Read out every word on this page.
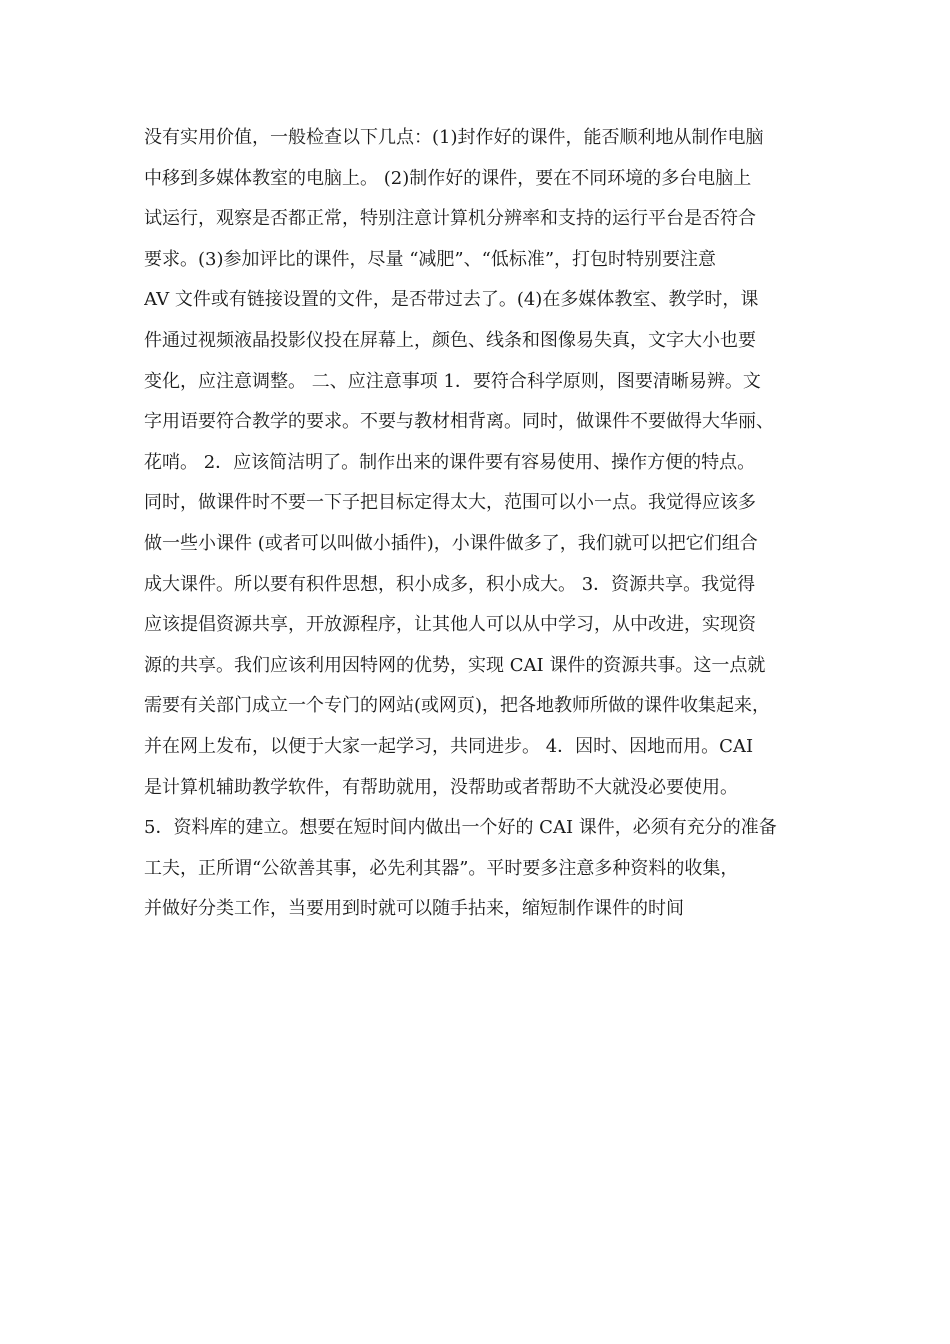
没有实用价值，一般检查以下几点：(1)封作好的课件，能否顺利地从制作电脑
中移到多媒体教室的电脑上。 (2)制作好的课件，要在不同环境的多台电脑上
试运行，观察是否都正常，特别注意计算机分辨率和支持的运行平台是否符合
要求。(3)参加评比的课件，尽量 “减肥”、“低标准”，打包时特别要注意
AV 文件或有链接设置的文件，是否带过去了。(4)在多媒体教室、教学时，课
件通过视频液晶投影仪投在屏幕上，颜色、线条和图像易失真，文字大小也要
变化，应注意调整。 二、应注意事项 1．要符合科学原则，图要清晰易辨。文
字用语要符合教学的要求。不要与教材相背离。同时，做课件不要做得大华丽、
花哨。 2．应该简洁明了。制作出来的课件要有容易使用、操作方便的特点。
同时，做课件时不要一下子把目标定得太大，范围可以小一点。我觉得应该多
做一些小课件 (或者可以叫做小插件)，小课件做多了，我们就可以把它们组合
成大课件。所以要有积件思想，积小成多，积小成大。 3．资源共享。我觉得
应该提倡资源共享，开放源程序，让其他人可以从中学习，从中改进，实现资
源的共享。我们应该利用因特网的优势，实现 CAI 课件的资源共事。这一点就
需要有关部门成立一个专门的网站(或网页)，把各地教师所做的课件收集起来，
并在网上发布，以便于大家一起学习，共同进步。 4．因时、因地而用。CAI
是计算机辅助教学软件，有帮助就用，没帮助或者帮助不大就没必要使用。
5．资料库的建立。想要在短时间内做出一个好的 CAI 课件，必须有充分的准备
工夫，正所谓“公欲善其事，必先利其器”。平时要多注意多种资料的收集，
并做好分类工作，当要用到时就可以随手拈来，缩短制作课件的时间
